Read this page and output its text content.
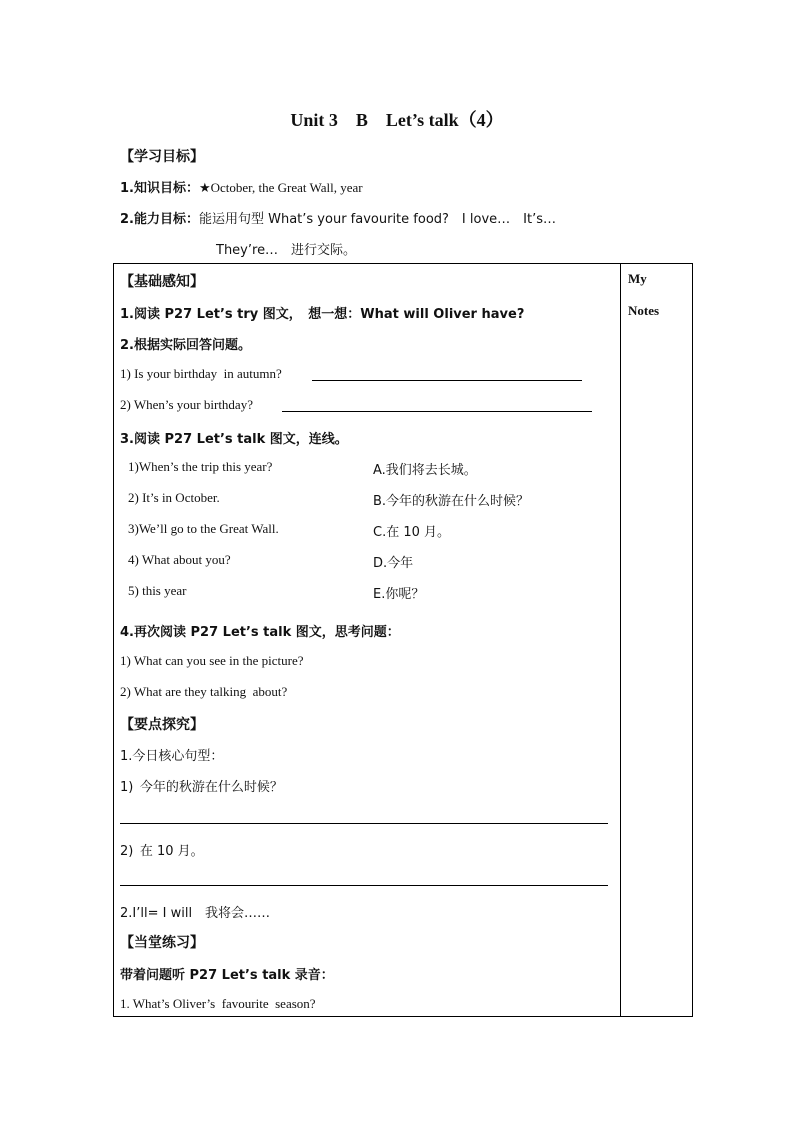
Unit 3　B　Let’s talk（4）
【学习目标】
1.知识目标：★October, the Great Wall, year
2.能力目标：能运用句型 What’s your favourite food?　I love…　It’s…
They’re…　进行交际。
My
Notes
【基础感知】
1.阅读 P27 Let’s try 图文，　想一想：What will Oliver have?
2.根据实际回答问题。
1) Is your birthday in autumn?
2) When’s your birthday?
3.阅读 P27 Let’s talk 图文，连线。
1)When’s the trip this year?
2) It’s in October.
3)We’ll go to the Great Wall.
4) What about you?
5) this year
A.我们将去长城。
B.今年的秋游在什么时候？
C.在 10 月。
D.今年
E.你呢？
4.再次阅读 P27 Let’s talk 图文，思考问题：
1) What can you see in the picture?
2) What are they talking about?
【要点探究】
1.今日核心句型：
1) 今年的秋游在什么时候？
2) 在 10 月。
2.I’ll= I will　我将会……
【当堂练习】
带着问题听 P27 Let’s talk 录音：
1. What’s Oliver’s favourite season?
